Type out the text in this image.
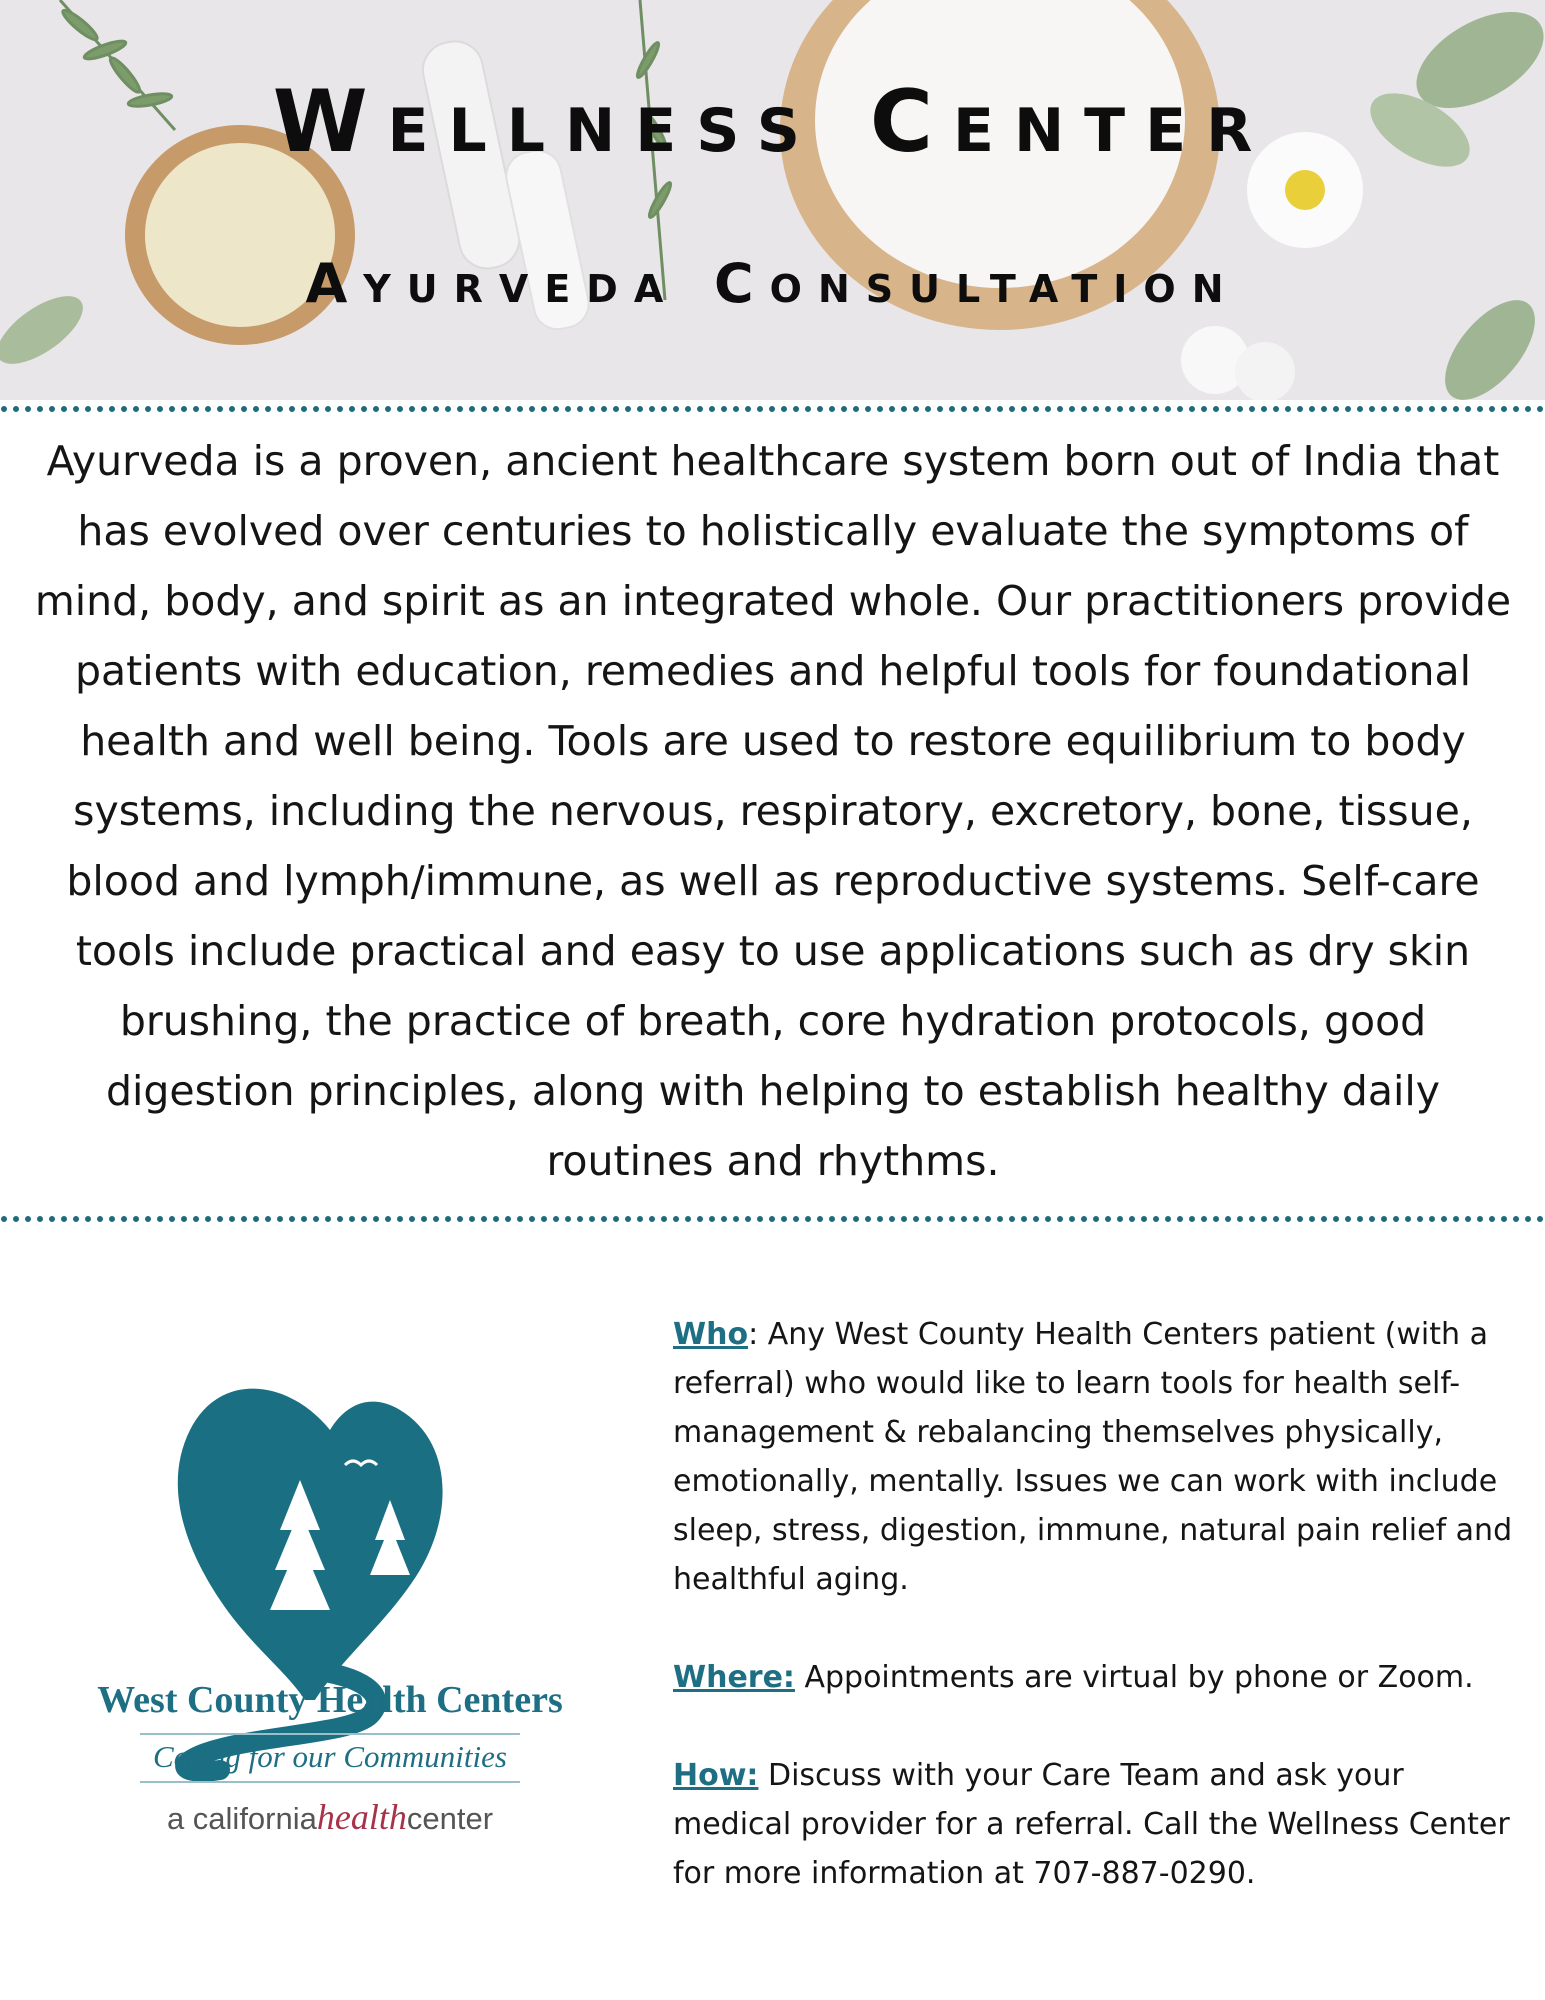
Wellness Center
Ayurveda Consultation

Ayurveda is a proven, ancient healthcare system born out of India that has evolved over centuries to holistically evaluate the symptoms of mind, body, and spirit as an integrated whole. Our practitioners provide patients with education, remedies and helpful tools for foundational health and well being. Tools are used to restore equilibrium to body systems, including the nervous, respiratory, excretory, bone, tissue, blood and lymph/immune, as well as reproductive systems. Self-care tools include practical and easy to use applications such as dry skin brushing, the practice of breath, core hydration protocols, good digestion principles, along with helping to establish healthy daily routines and rhythms.

West County Health Centers
Caring for our Communities
a californiahealthcenter

Who: Any West County Health Centers patient (with a referral) who would like to learn tools for health self-management & rebalancing themselves physically, emotionally, mentally. Issues we can work with include sleep, stress, digestion, immune, natural pain relief and healthful aging.

Where: Appointments are virtual by phone or Zoom.

How: Discuss with your Care Team and ask your medical provider for a referral. Call the Wellness Center for more information at 707-887-0290.
